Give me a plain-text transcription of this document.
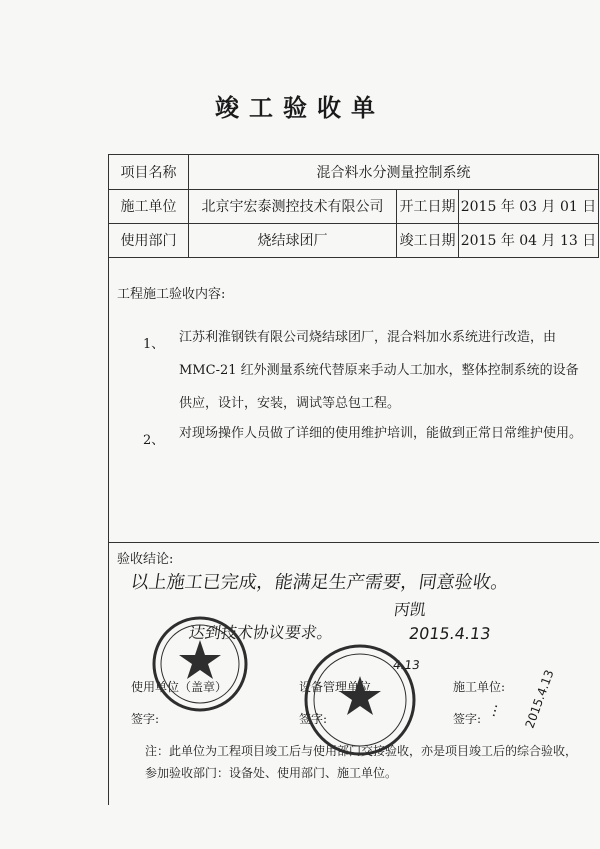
竣工验收单
项目名称	混合料水分测量控制系统
施工单位	北京宇宏泰测控技术有限公司	开工日期 2015 年 03 月 01 日
使用部门	烧结球团厂	竣工日期 2015 年 04 月 13 日
工程施工验收内容:
1、 江苏利淮钢铁有限公司烧结球团厂，混合料加水系统进行改造，由MMC-21 红外测量系统代替原来手动人工加水，整体控制系统的设备供应，设计，安装，调试等总包工程。
2、 对现场操作人员做了详细的使用维护培训，能做到正常日常维护使用。
验收结论:
以上施工已完成，能满足生产需要，同意验收。
丙凯
达到技术协议要求。	2015.4.13
4.13
使用单位（盖章）	设备管理单位	施工单位:
签字:	签字:	签字:
… 2015.4.13
注：此单位为工程项目竣工后与使用部门交接验收，亦是项目竣工后的综合验收，参加验收部门：设备处、使用部门、施工单位。
